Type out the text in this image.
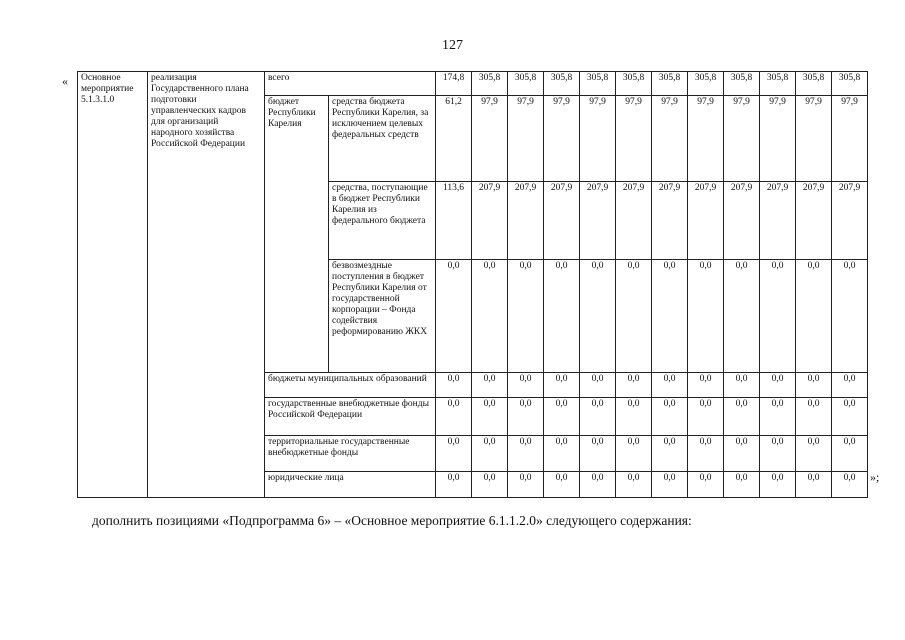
127
« Основное мероприятие 5.1.3.1.0	реализация Государственного плана подготовки управленческих кадров для организаций народного хозяйства Российской Федерации	всего		174,8	305,8	305,8	305,8	305,8	305,8	305,8	305,8	305,8	305,8	305,8	305,8
		бюджет Республики Карелия	средства бюджета Республики Карелия, за исключением целевых федеральных средств	61,2	97,9	97,9	97,9	97,9	97,9	97,9	97,9	97,9	97,9	97,9	97,9
			средства, поступающие в бюджет Республики Карелия из федерального бюджета	113,6	207,9	207,9	207,9	207,9	207,9	207,9	207,9	207,9	207,9	207,9	207,9
			безвозмездные поступления в бюджет Республики Карелия от государственной корпорации – Фонда содействия реформированию ЖКХ	0,0	0,0	0,0	0,0	0,0	0,0	0,0	0,0	0,0	0,0	0,0	0,0
		бюджеты муниципальных образований		0,0	0,0	0,0	0,0	0,0	0,0	0,0	0,0	0,0	0,0	0,0	0,0
		государственные внебюджетные фонды Российской Федерации		0,0	0,0	0,0	0,0	0,0	0,0	0,0	0,0	0,0	0,0	0,0	0,0
		территориальные государственные внебюджетные фонды		0,0	0,0	0,0	0,0	0,0	0,0	0,0	0,0	0,0	0,0	0,0	0,0
		юридические лица		0,0	0,0	0,0	0,0	0,0	0,0	0,0	0,0	0,0	0,0	0,0	0,0 »;
дополнить позициями «Подпрограмма 6» – «Основное мероприятие 6.1.1.2.0» следующего содержания:
